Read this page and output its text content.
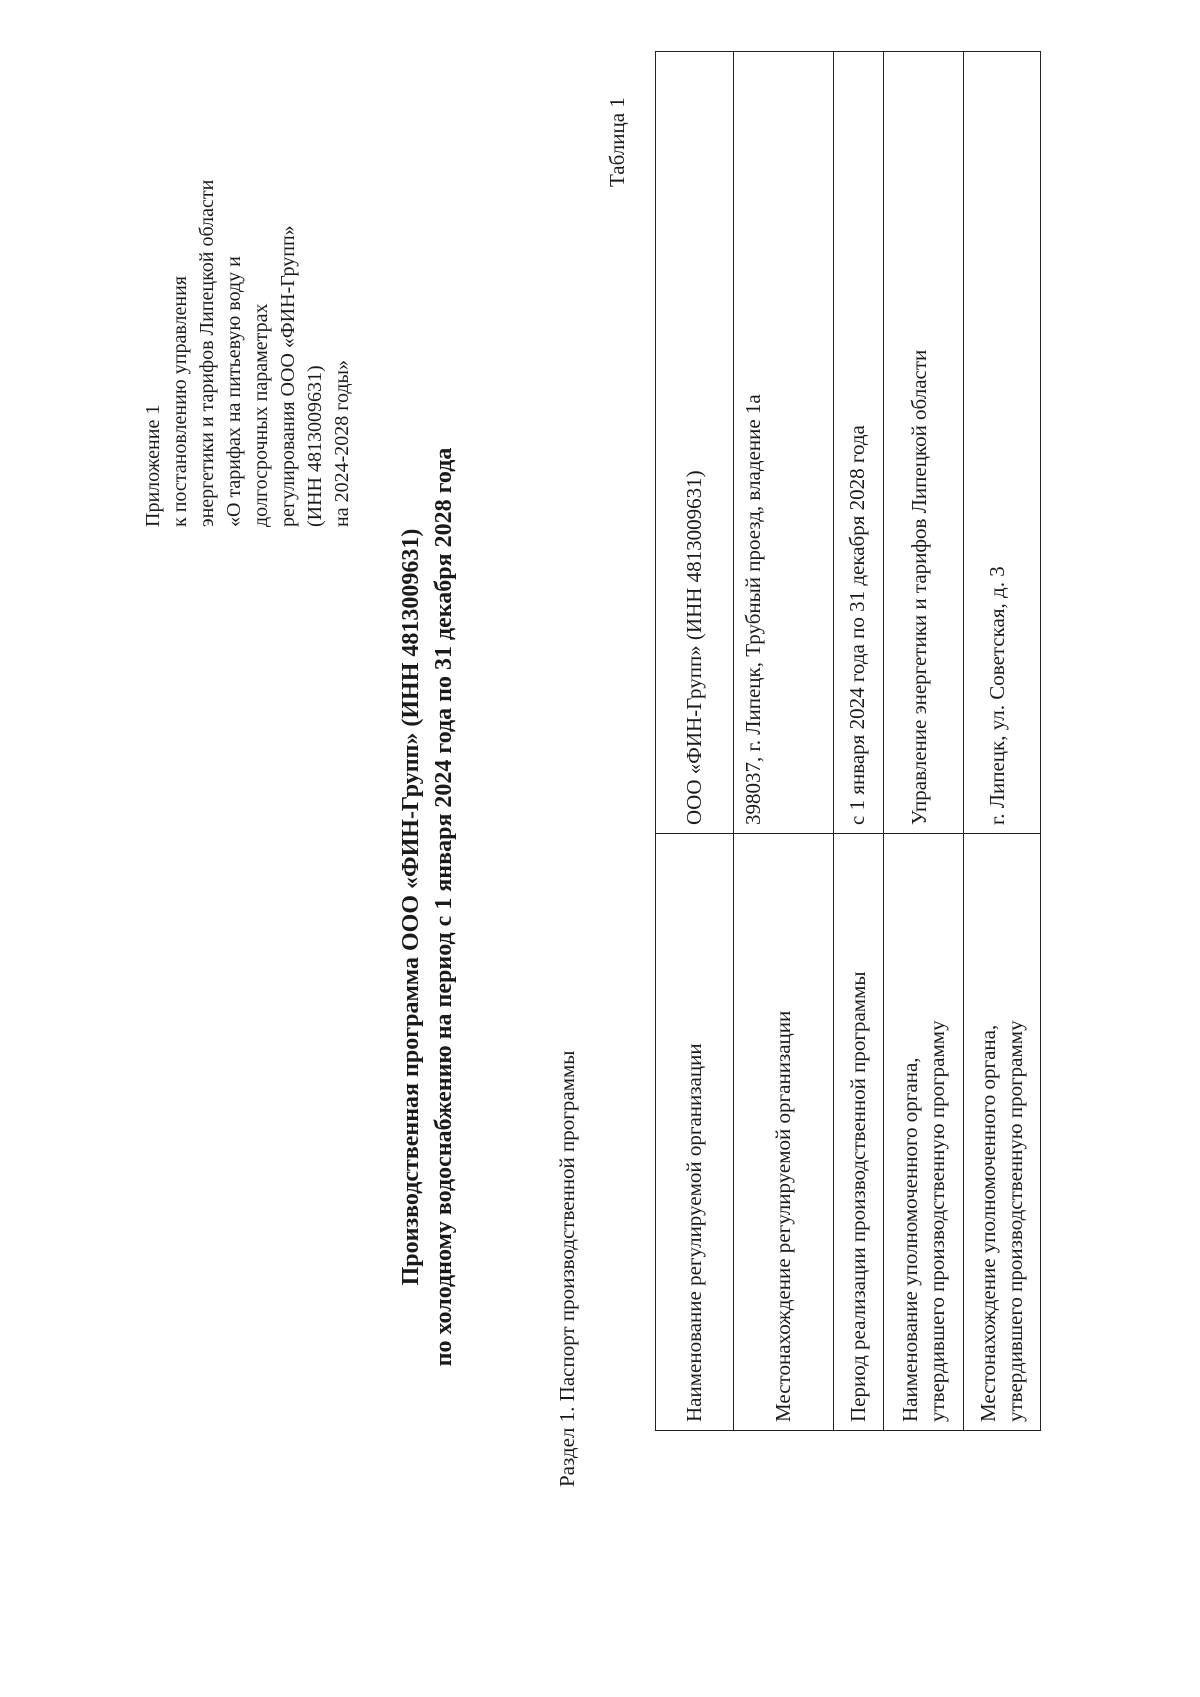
Приложение 1 к постановлению управления энергетики и тарифов Липецкой области «О тарифах на питьевую воду и долгосрочных параметрах регулирования ООО «ФИН-Групп» (ИНН 4813009631) на 2024-2028 годы»
Производственная программа ООО «ФИН-Групп» (ИНН 4813009631) по холодному водоснабжению на период с 1 января 2024 года по 31 декабря 2028 года	Раздел 1. Паспорт производственной программы
Таблица 1
Наименование регулируемой организации	ООО «ФИН-Групп» (ИНН 4813009631)

Местонахождение регулируемой организации	398037, г. Липецк, Трубный проезд, владение 1а

Период реализации производственной программы	с 1 января 2024 года по 31 декабря 2028 года

Наименование уполномоченного органа, утвердившего производственную программу	Управление энергетики и тарифов Липецкой области

Местонахождение уполномоченного органа, утвердившего производственную программу	г. Липецк, ул. Советская, д. 3
